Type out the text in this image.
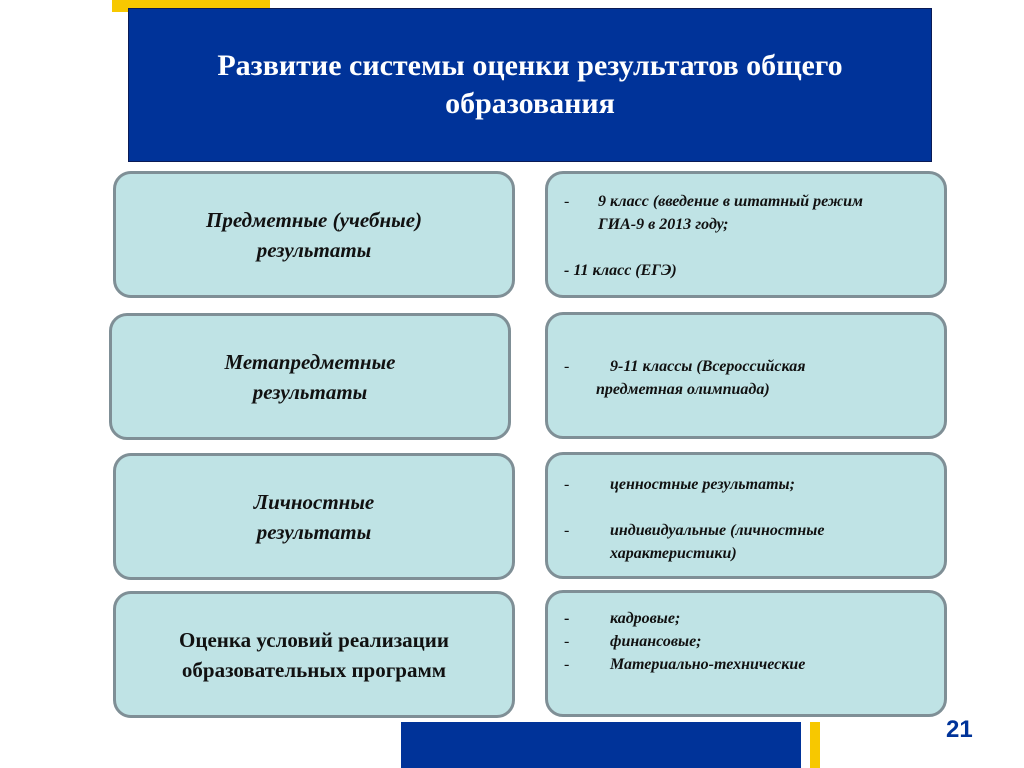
Развитие системы оценки результатов общего образования
Предметные (учебные)
результаты
- 9 класс (введение в штатный режим
ГИА-9 в 2013 году;
- 11 класс (ЕГЭ)
Метапредметные
результаты
-	9-11 классы (Всероссийская
предметная олимпиада)
Личностные
результаты
-	ценностные результаты;
-	индивидуальные (личностные
характеристики)
Оценка условий реализации
образовательных программ
-	кадровые;
-	финансовые;
-	Материально-технические
21
